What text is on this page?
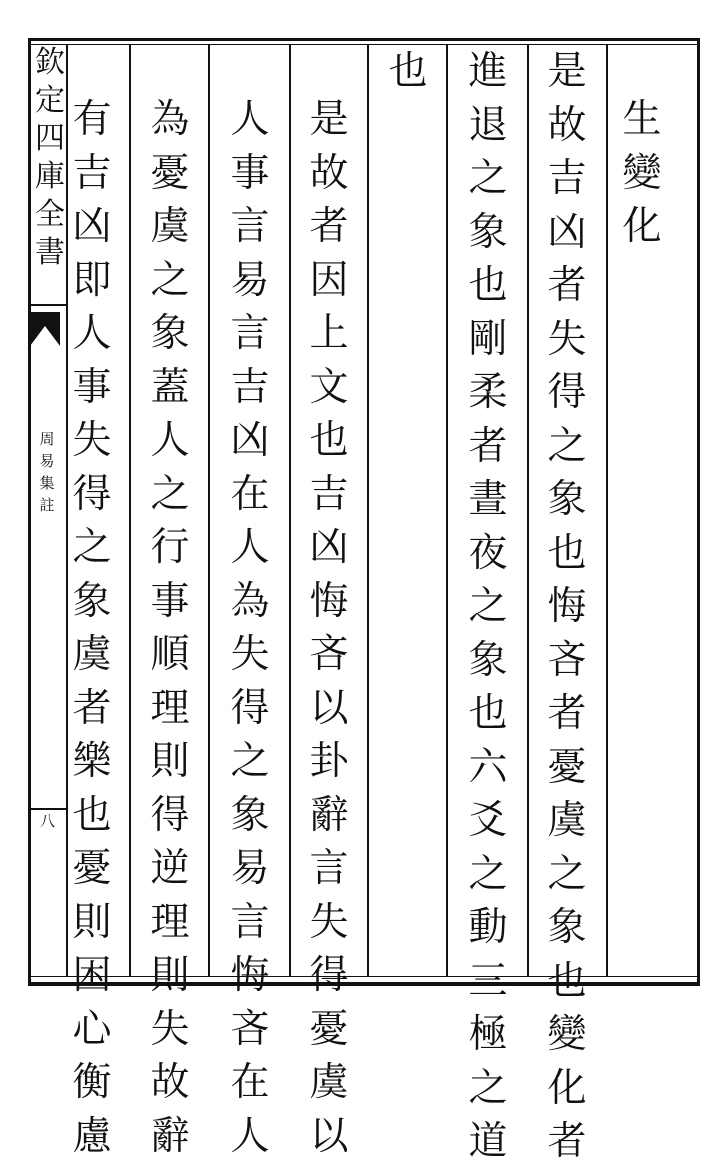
欽
定
四
庫
全
書
周
易
集
註
八
生
變
化
是
故
吉
凶
者
失
得
之
象
也
悔
吝
者
憂
虞
之
象
也
變
化
者
進
退
之
象
也
剛
柔
者
晝
夜
之
象
也
六
爻
之
動
三
極
之
道
也
是
故
者
因
上
文
也
吉
凶
悔
吝
以
卦
辭
言
失
得
憂
虞
以
人
事
言
易
言
吉
凶
在
人
為
失
得
之
象
易
言
悔
吝
在
人
為
憂
虞
之
象
蓋
人
之
行
事
順
理
則
得
逆
理
則
失
故
辭
有
吉
凶
即
人
事
失
得
之
象
虞
者
樂
也
憂
則
困
心
衡
慮
